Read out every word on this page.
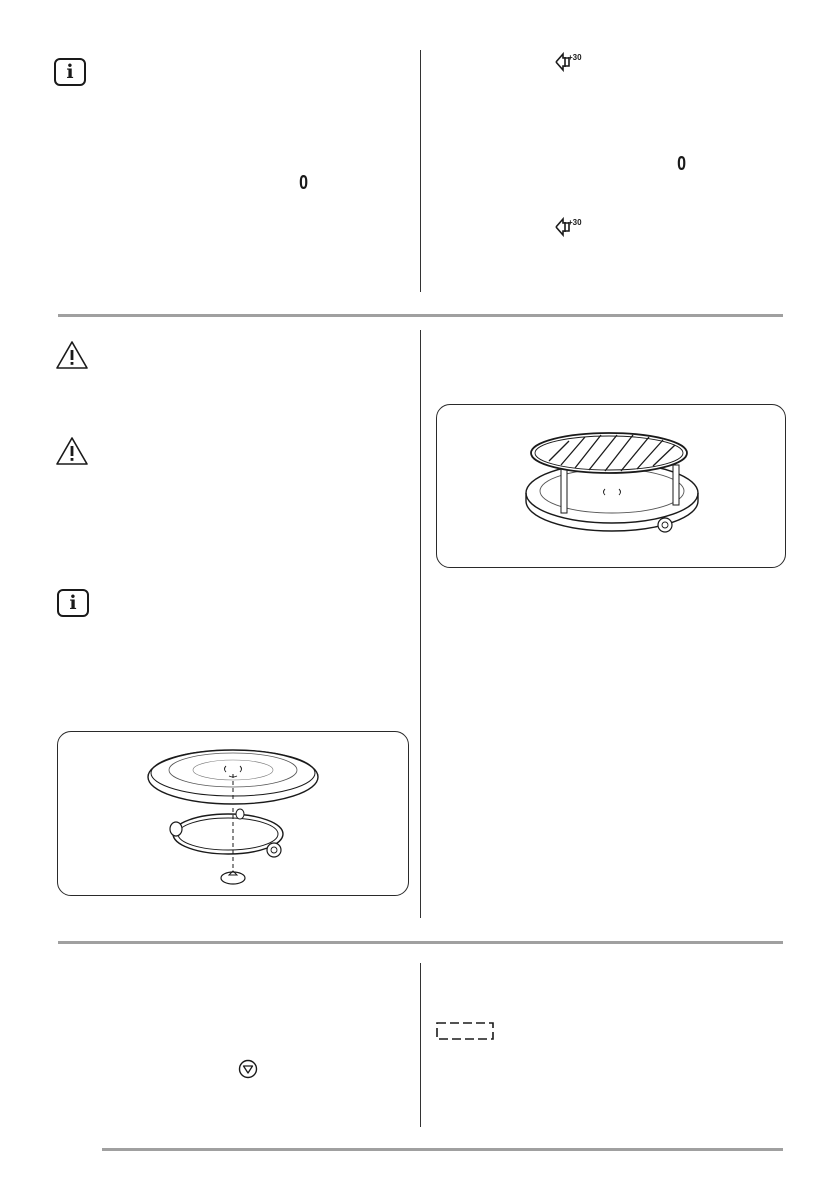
i
0
+30
0
+30
i
